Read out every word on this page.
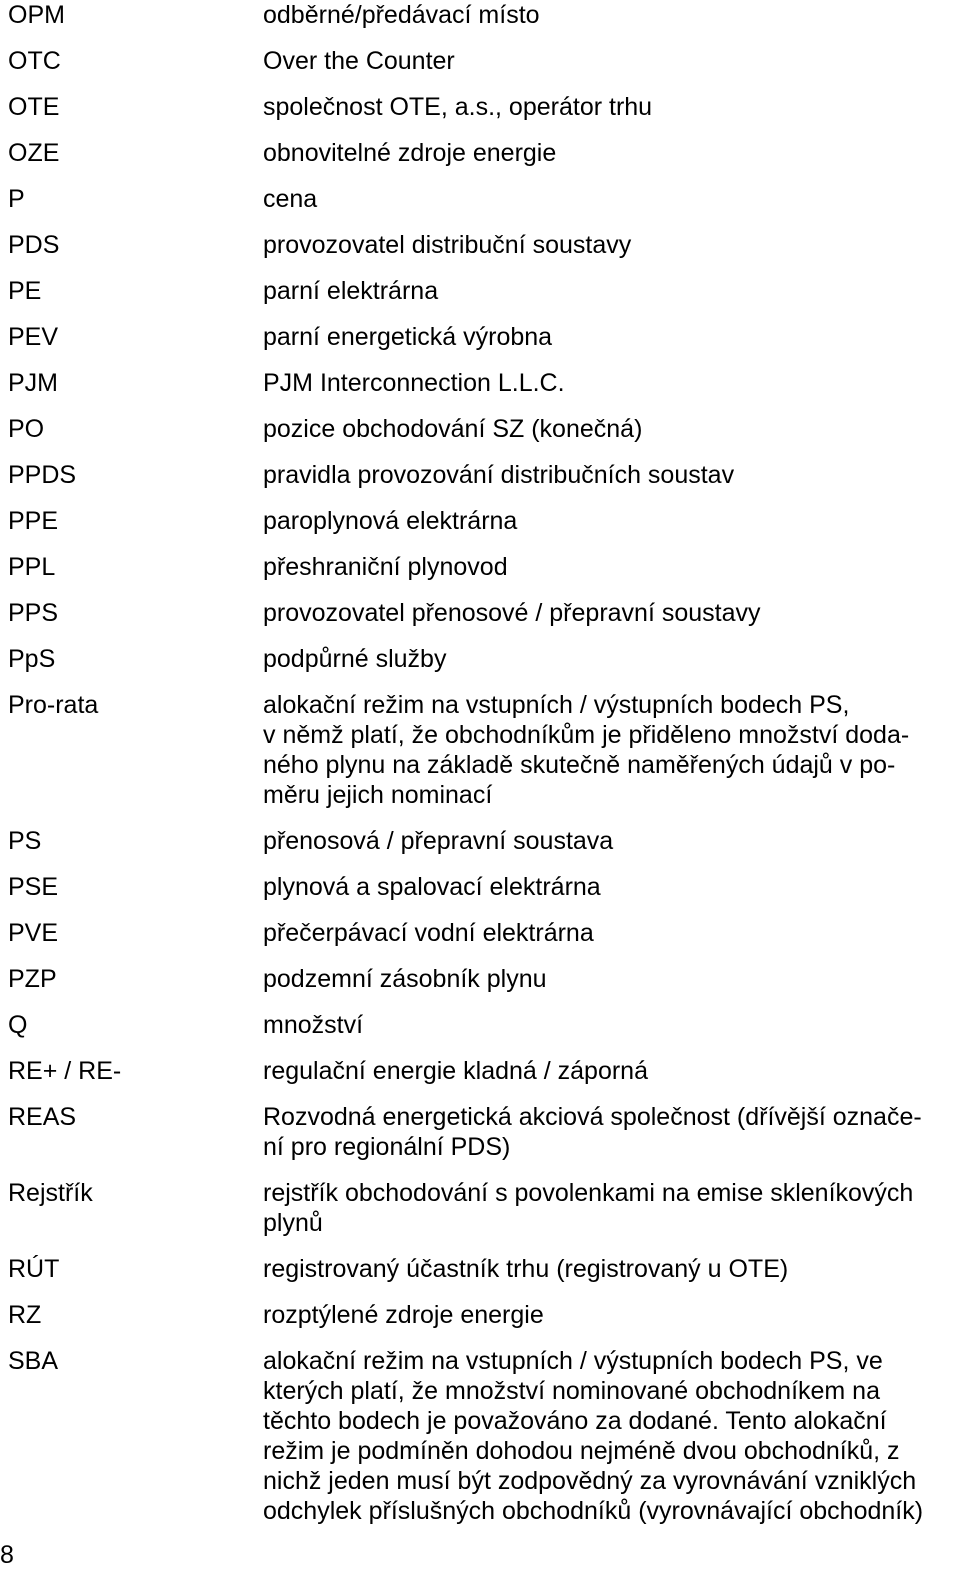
OPM	odběrné/předávací místo
OTC	Over the Counter
OTE	společnost OTE, a.s., operátor trhu
OZE	obnovitelné zdroje energie
P	cena
PDS	provozovatel distribuční soustavy
PE	parní elektrárna
PEV	parní energetická výrobna
PJM	PJM Interconnection L.L.C.
PO	pozice obchodování SZ (konečná)
PPDS	pravidla provozování distribučních soustav
PPE	paroplynová elektrárna
PPL	přeshraniční plynovod
PPS	provozovatel přenosové / přepravní soustavy
PpS	podpůrné služby
Pro-rata	alokační režim na vstupních / výstupních bodech PS,
v němž platí, že obchodníkům je přiděleno množství doda-
ného plynu na základě skutečně naměřených údajů v po-
měru jejich nominací
PS	přenosová / přepravní soustava
PSE	plynová a spalovací elektrárna
PVE	přečerpávací vodní elektrárna
PZP	podzemní zásobník plynu
Q	množství
RE+ / RE-	regulační energie kladná / záporná
REAS	Rozvodná energetická akciová společnost (dřívější označe-
ní pro regionální PDS)
Rejstřík	rejstřík obchodování s povolenkami na emise skleníkových
plynů
RÚT	registrovaný účastník trhu (registrovaný u OTE)
RZ	rozptýlené zdroje energie
SBA	alokační režim na vstupních / výstupních bodech PS, ve
kterých platí, že množství nominované obchodníkem na
těchto bodech je považováno za dodané. Tento alokační
režim je podmíněn dohodou nejméně dvou obchodníků, z
nichž jeden musí být zodpovědný za vyrovnávání vzniklých
odchylek příslušných obchodníků (vyrovnávající obchodník)
8
